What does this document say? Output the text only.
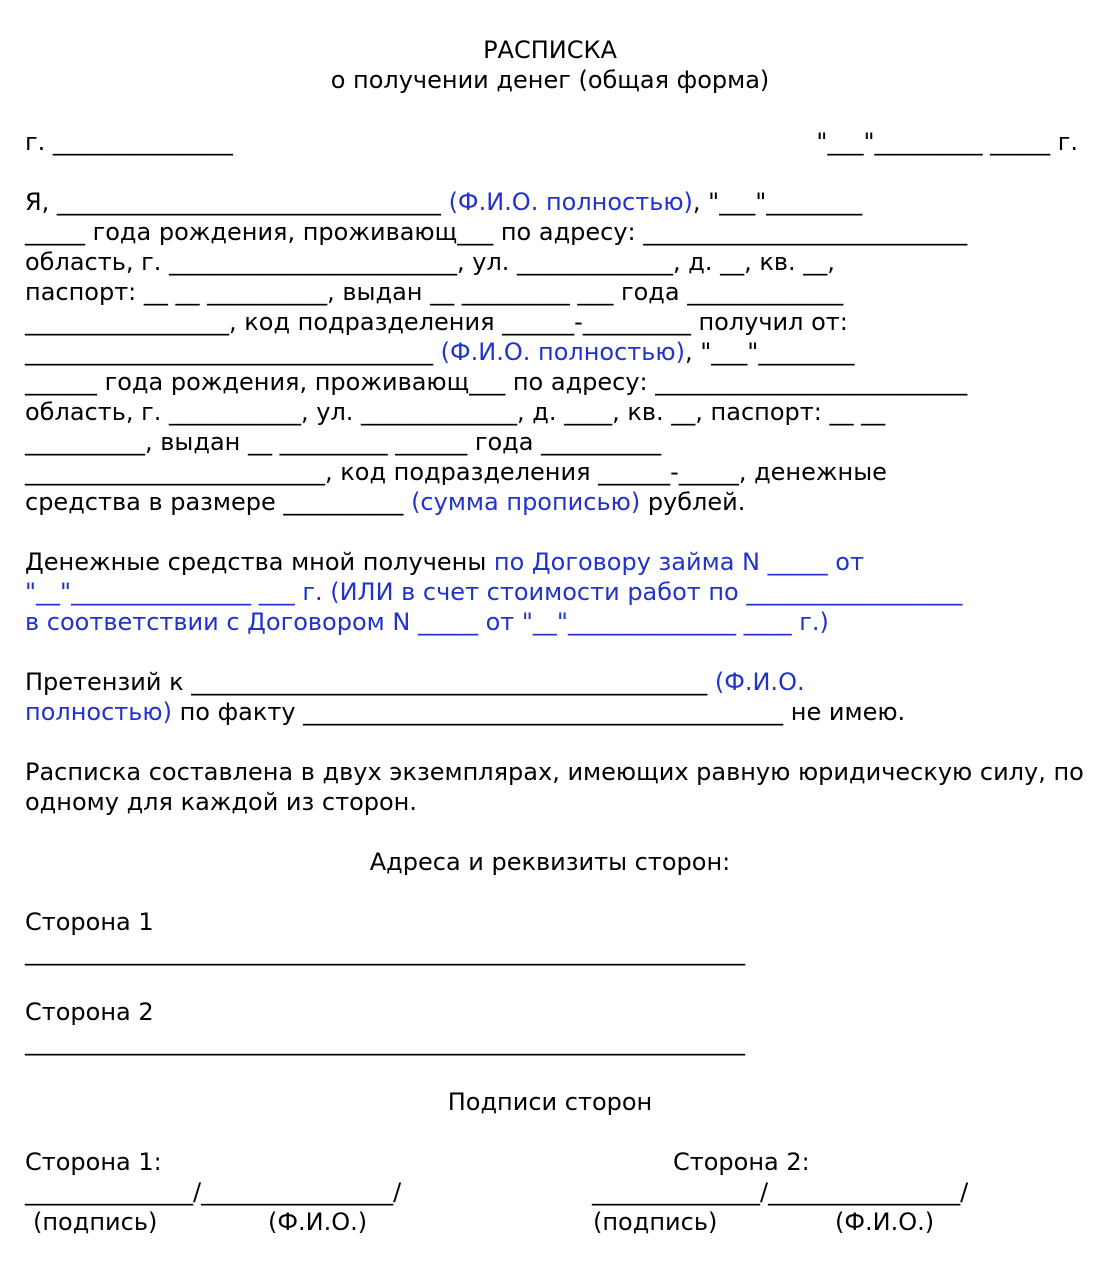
РАСПИСКА
о получении денег (общая форма)
г. _______________	"___"_________ _____ г.
Я, ________________________________ (Ф.И.О. полностью), "___"________
_____ года рождения, проживающ___ по адресу: ___________________________
область, г. ________________________, ул. _____________, д. __, кв. __,
паспорт: __ __ __________, выдан __ _________ ___ года _____________
_________________, код подразделения ______-_________ получил от:
__________________________________ (Ф.И.О. полностью), "___"________
______ года рождения, проживающ___ по адресу: __________________________
область, г. ___________, ул. _____________, д. ____, кв. __, паспорт: __ __
__________, выдан __ _________ ______ года __________
_________________________, код подразделения ______-_____, денежные
средства в размере __________ (сумма прописью) рублей.
Денежные средства мной получены по Договору займа N _____ от
"__"_______________ ___ г. (ИЛИ в счет стоимости работ по __________________
в соответствии с Договором N _____ от "__"______________ ____ г.)
Претензий к ___________________________________________ (Ф.И.О.
полностью) по факту ________________________________________ не имею.
Расписка составлена в двух экземплярах, имеющих равную юридическую силу, по
одному для каждой из сторон.
Адреса и реквизиты сторон:
Сторона 1
____________________________________________________________
Сторона 2
____________________________________________________________
Подписи сторон
Сторона 1:	Сторона 2:
______________/________________/	______________/________________/
(подпись)	(Ф.И.О.)	(подпись)	(Ф.И.О.)
